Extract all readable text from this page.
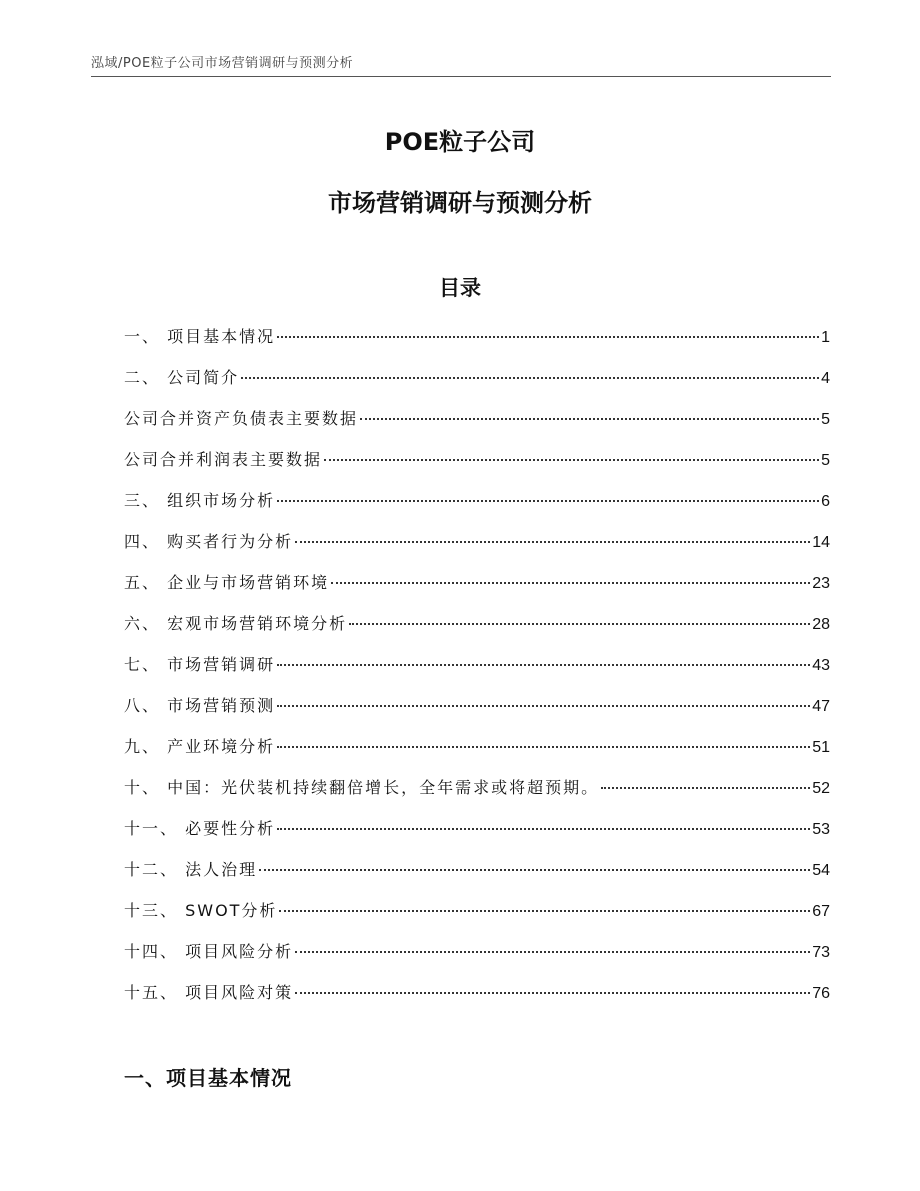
泓域/POE粒子公司市场营销调研与预测分析
POE粒子公司
市场营销调研与预测分析
目录
一、 项目基本情况	1
二、 公司简介	4
公司合并资产负债表主要数据	5
公司合并利润表主要数据	5
三、 组织市场分析	6
四、 购买者行为分析	14
五、 企业与市场营销环境	23
六、 宏观市场营销环境分析	28
七、 市场营销调研	43
八、 市场营销预测	47
九、 产业环境分析	51
十、 中国：光伏装机持续翻倍增长，全年需求或将超预期。	52
十一、 必要性分析	53
十二、 法人治理	54
十三、 SWOT分析	67
十四、 项目风险分析	73
十五、 项目风险对策	76
一、项目基本情况
